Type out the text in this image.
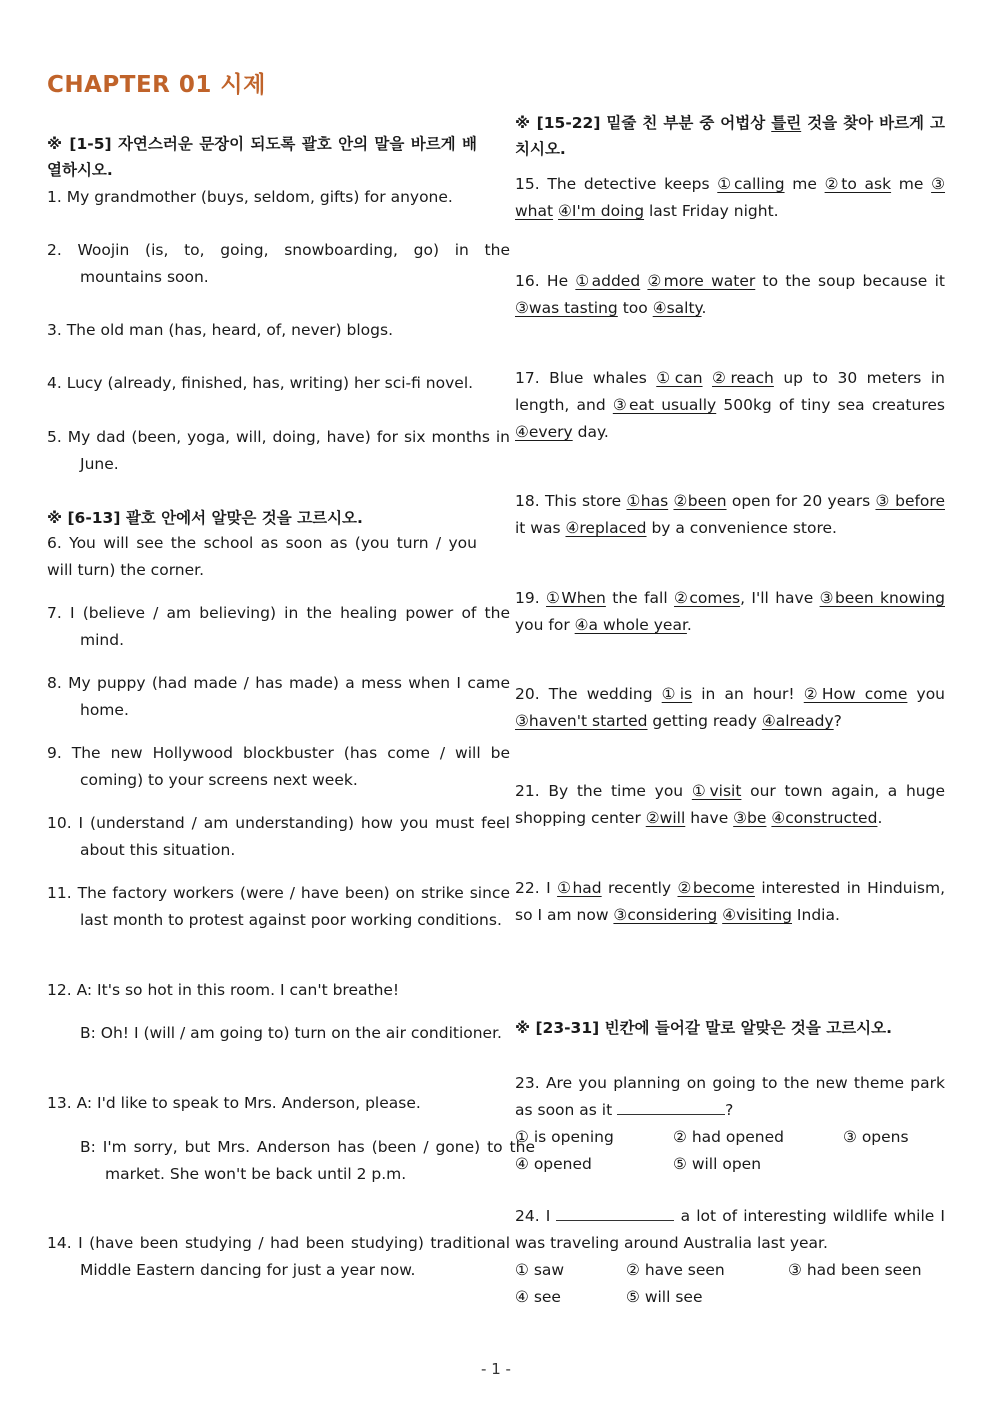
CHAPTER 01 시제

※ [1-5] 자연스러운 문장이 되도록 괄호 안의 말을 바르게 배열하시오.

1. My grandmother (buys, seldom, gifts) for anyone.

2. Woojin (is, to, going, snowboarding, go) in the mountains soon.

3. The old man (has, heard, of, never) blogs.

4. Lucy (already, finished, has, writing) her sci-fi novel.

5. My dad (been, yoga, will, doing, have) for six months in June.

※ [6-13] 괄호 안에서 알맞은 것을 고르시오.

6. You will see the school as soon as (you turn / you will turn) the corner.

7. I (believe / am believing) in the healing power of the mind.

8. My puppy (had made / has made) a mess when I came home.

9. The new Hollywood blockbuster (has come / will be coming) to your screens next week.

10. I (understand / am understanding) how you must feel about this situation.

11. The factory workers (were / have been) on strike since last month to protest against poor working conditions.

12. A: It's so hot in this room. I can't breathe!

B: Oh! I (will / am going to) turn on the air conditioner.

13. A: I'd like to speak to Mrs. Anderson, please.

B: I'm sorry, but Mrs. Anderson has (been / gone) to the market. She won't be back until 2 p.m.

14. I (have been studying / had been studying) traditional Middle Eastern dancing for just a year now.

※ [15-22] 밑줄 친 부분 중 어법상 틀린 것을 찾아 바르게 고치시오.

15. The detective keeps ①calling me ②to ask me ③ what ④I'm doing last Friday night.

16. He ①added ②more water to the soup because it ③was tasting too ④salty.

17. Blue whales ①can ②reach up to 30 meters in length, and ③eat usually 500kg of tiny sea creatures ④every day.

18. This store ①has ②been open for 20 years ③ before it was ④replaced by a convenience store.

19. ①When the fall ②comes, I'll have ③been knowing you for ④a whole year.

20. The wedding ①is in an hour! ②How come you ③haven't started getting ready ④already?

21. By the time you ①visit our town again, a huge shopping center ②will have ③be ④constructed.

22. I ①had recently ②become interested in Hinduism, so I am now ③considering ④visiting India.

※ [23-31] 빈칸에 들어갈 말로 알맞은 것을 고르시오.

23. Are you planning on going to the new theme park as soon as it	?

① is opening	② had opened	③ opens
④ opened	⑤ will open

24. I	a lot of interesting wildlife while I was traveling around Australia last year.

① saw	② have seen	③ had been seen
④ see	⑤ will see
- 1 -
